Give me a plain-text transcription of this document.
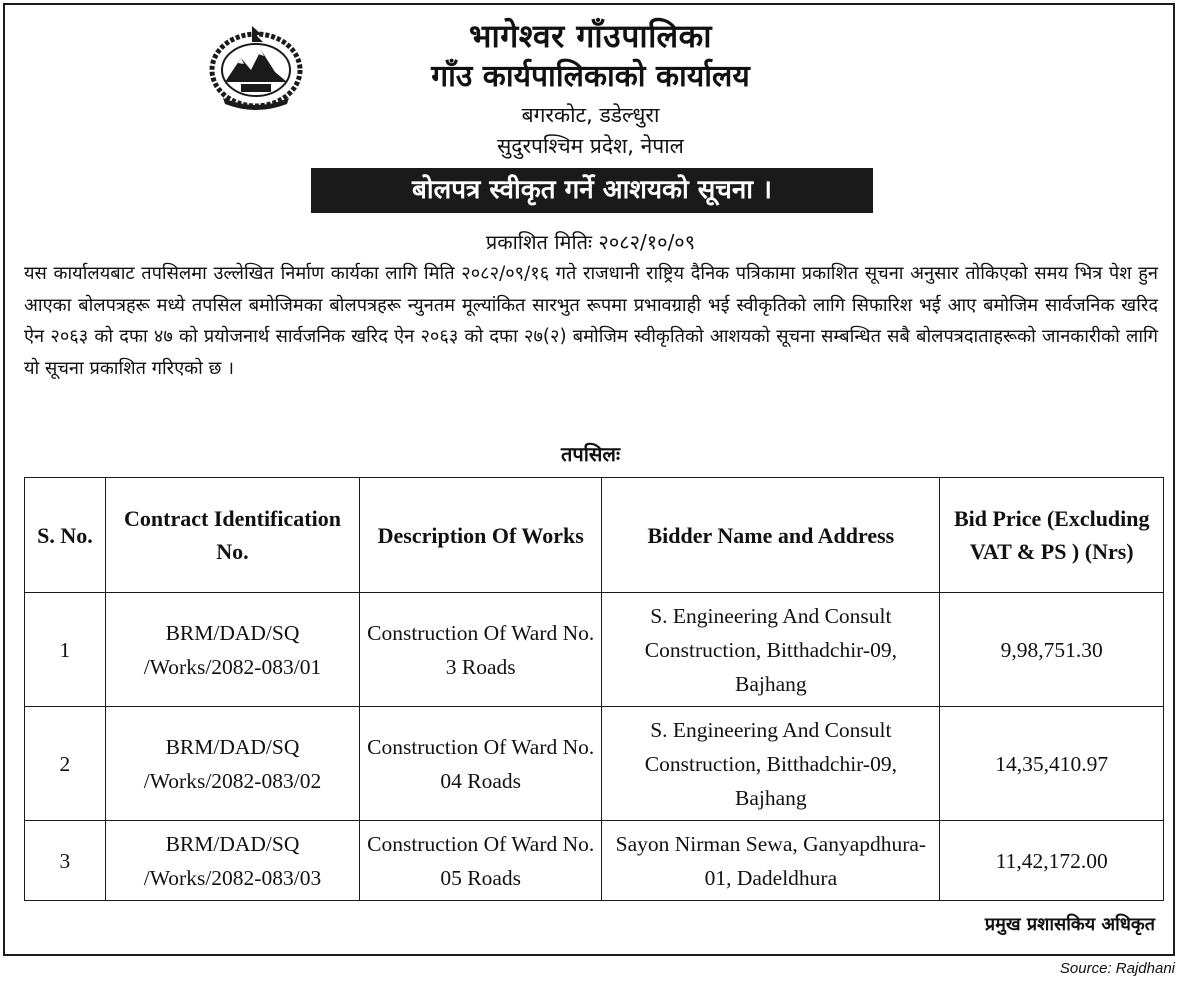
भागेश्वर गाँउपालिका
गाँउ कार्यपालिकाको कार्यालय
बगरकोट, डडेल्धुरा
सुदुरपश्चिम प्रदेश, नेपाल
बोलपत्र स्वीकृत गर्ने आशयको सूचना ।
प्रकाशित मितिः २०८२/१०/०९
यस कार्यालयबाट तपसिलमा उल्लेखित निर्माण कार्यका लागि मिति २०८२/०९/१६ गते राजधानी राष्ट्रिय दैनिक पत्रिकामा प्रकाशित सूचना अनुसार तोकिएको समय भित्र पेश हुन आएका बोलपत्रहरू मध्ये तपसिल बमोजिमका बोलपत्रहरू न्युनतम मूल्यांकित सारभुत रूपमा प्रभावग्राही भई स्वीकृतिको लागि सिफारिश भई आए बमोजिम सार्वजनिक खरिद ऐन २०६३ को दफा ४७ को प्रयोजनार्थ सार्वजनिक खरिद ऐन २०६३ को दफा २७(२) बमोजिम स्वीकृतिको आशयको सूचना सम्बन्धित सबै बोलपत्रदाताहरूको जानकारीको लागि यो सूचना प्रकाशित गरिएको छ ।
तपसिलः
S. No.	Contract Identification No.	Description Of Works	Bidder Name and Address	Bid Price (Excluding VAT & PS ) (Nrs)
1	BRM/DAD/SQ /Works/2082-083/01	Construction Of Ward No. 3 Roads	S. Engineering And Consult Construction, Bitthadchir-09, Bajhang	9,98,751.30
2	BRM/DAD/SQ /Works/2082-083/02	Construction Of Ward No. 04 Roads	S. Engineering And Consult Construction, Bitthadchir-09, Bajhang	14,35,410.97
3	BRM/DAD/SQ /Works/2082-083/03	Construction Of Ward No. 05 Roads	Sayon Nirman Sewa, Ganyapdhura-01, Dadeldhura	11,42,172.00
प्रमुख प्रशासकिय अधिकृत
Source: Rajdhani
